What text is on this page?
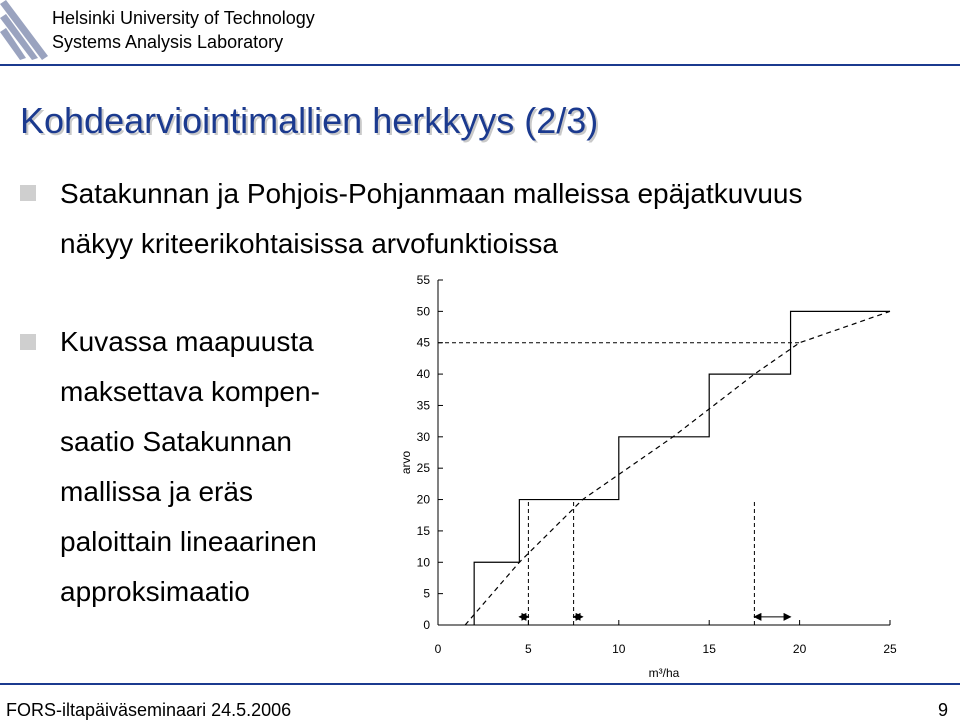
Helsinki University of Technology
Systems Analysis Laboratory
Kohdearviointimallien herkkyys (2/3)
Satakunnan ja Pohjois-Pohjanmaan malleissa epäjatkuvuus
näkyy kriteerikohtaisissa arvofunktioissa
Kuvassa maapuusta
maksettava kompen-
saatio Satakunnan
mallissa ja eräs
paloittain lineaarinen
approksimaatio
0
5
10
15
20
25
30
35
40
45
50
55
0	5	10	15	20	25
arvo
m³/ha
FORS-iltapäiväseminaari 24.5.2006	9
